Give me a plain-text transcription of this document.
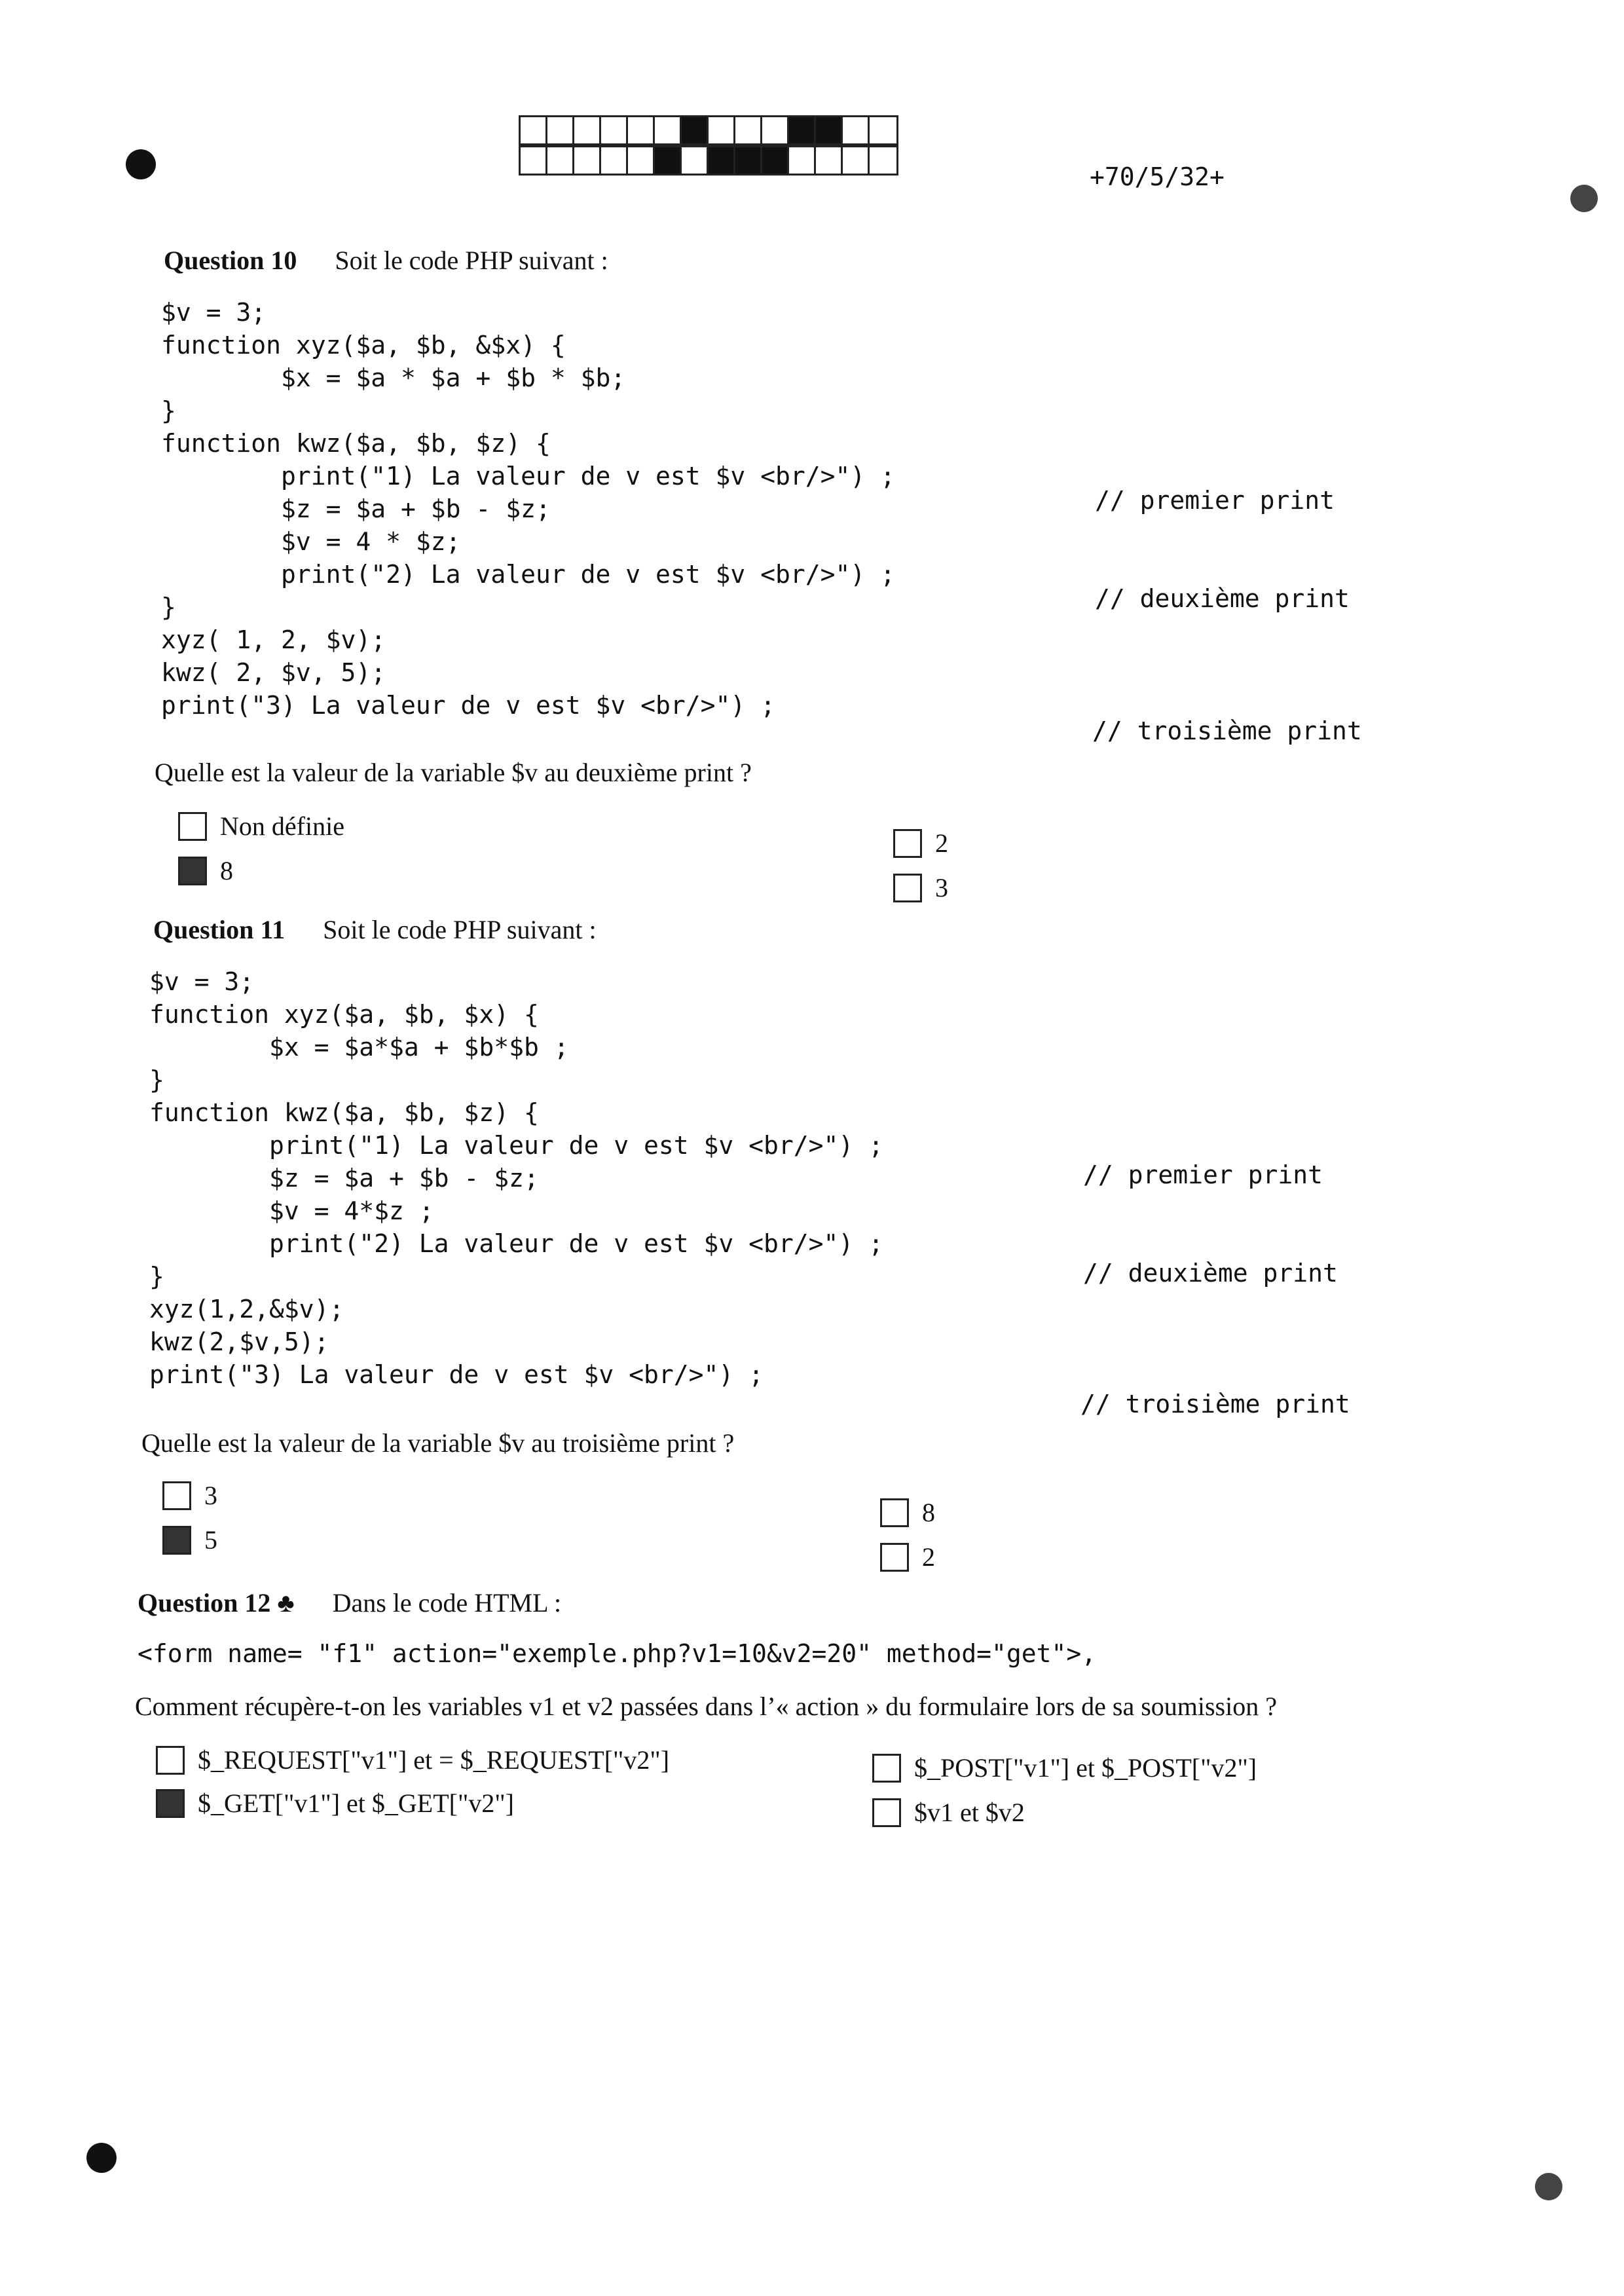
+70/5/32+
Question 10 Soit le code PHP suivant :
$v = 3;
function xyz($a, $b, &$x) {
$x = $a * $a + $b * $b;
}
function kwz($a, $b, $z) {
print("1) La valeur de v est $v <br/>") ;
$z = $a + $b - $z;
$v = 4 * $z;
print("2) La valeur de v est $v <br/>") ;
}
xyz( 1, 2, $v);
kwz( 2, $v, 5);
print("3) La valeur de v est $v <br/>") ;
// premier print
// deuxième print
// troisième print
Quelle est la valeur de la variable $v au deuxième print ?
Non définie
8
2
3
Question 11 Soit le code PHP suivant :
$v = 3;
function xyz($a, $b, $x) {
$x = $a*$a + $b*$b ;
}
function kwz($a, $b, $z) {
print("1) La valeur de v est $v <br/>") ;
$z = $a + $b - $z;
$v = 4*$z ;
print("2) La valeur de v est $v <br/>") ;
}
xyz(1,2,&$v);
kwz(2,$v,5);
print("3) La valeur de v est $v <br/>") ;
// premier print
// deuxième print
// troisième print
Quelle est la valeur de la variable $v au troisième print ?
3
5
8
2
Question 12 ♣ Dans le code HTML :
<form name= "f1" action="exemple.php?v1=10&v2=20" method="get">,
Comment récupère-t-on les variables v1 et v2 passées dans l’« action » du formulaire lors de sa soumission ?
$_REQUEST["v1"] et = $_REQUEST["v2"]
$_GET["v1"] et $_GET["v2"]
$_POST["v1"] et $_POST["v2"]
$v1 et $v2
